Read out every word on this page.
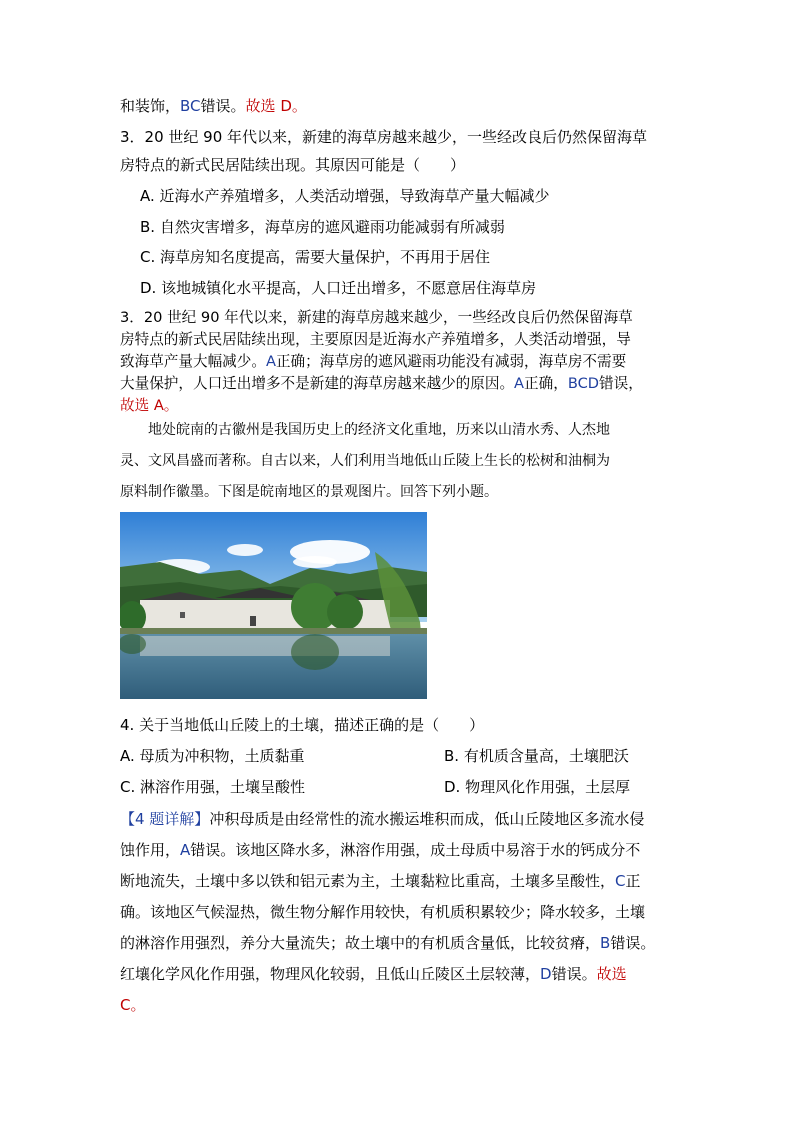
和装饰，BC错误。故选 D。
3．20 世纪 90 年代以来，新建的海草房越来越少，一些经改良后仍然保留海草
房特点的新式民居陆续出现。其原因可能是（　　）
A. 近海水产养殖增多，人类活动增强，导致海草产量大幅减少
B. 自然灾害增多，海草房的遮风避雨功能减弱有所减弱
C. 海草房知名度提高，需要大量保护，不再用于居住
D. 该地城镇化水平提高，人口迁出增多，不愿意居住海草房
3．20 世纪 90 年代以来，新建的海草房越来越少，一些经改良后仍然保留海草
房特点的新式民居陆续出现，主要原因是近海水产养殖增多，人类活动增强，导
致海草产量大幅减少。A正确；海草房的遮风避雨功能没有减弱，海草房不需要
大量保护，人口迁出增多不是新建的海草房越来越少的原因。A正确，BCD错误，
故选 A。
　　地处皖南的古徽州是我国历史上的经济文化重地，历来以山清水秀、人杰地
灵、文风昌盛而著称。自古以来，人们利用当地低山丘陵上生长的松树和油桐为
原料制作徽墨。下图是皖南地区的景观图片。回答下列小题。
4. 关于当地低山丘陵上的土壤，描述正确的是（　　）
A. 母质为冲积物，土质黏重	B. 有机质含量高，土壤肥沃
C. 淋溶作用强，土壤呈酸性	D. 物理风化作用强，土层厚
【4 题详解】冲积母质是由经常性的流水搬运堆积而成，低山丘陵地区多流水侵
蚀作用，A错误。该地区降水多，淋溶作用强，成土母质中易溶于水的钙成分不
断地流失，土壤中多以铁和铝元素为主，土壤黏粒比重高，土壤多呈酸性，C正
确。该地区气候湿热，微生物分解作用较快，有机质积累较少；降水较多，土壤
的淋溶作用强烈，养分大量流失；故土壤中的有机质含量低，比较贫瘠，B错误。
红壤化学风化作用强，物理风化较弱，且低山丘陵区土层较薄，D错误。故选
C。
